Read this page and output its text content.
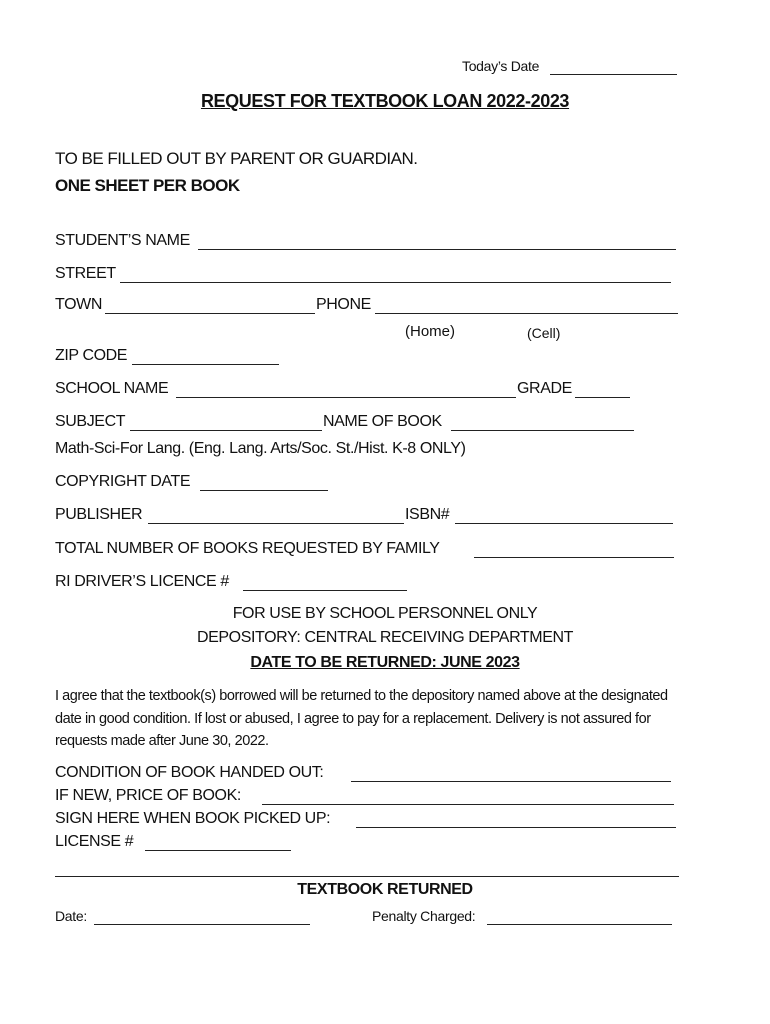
Today’s Date
REQUEST FOR TEXTBOOK LOAN 2022-2023
TO BE FILLED OUT BY PARENT OR GUARDIAN.
ONE SHEET PER BOOK
STUDENT’S NAME
STREET
TOWN	PHONE
(Home)	(Cell)
ZIP CODE
SCHOOL NAME	GRADE
SUBJECT	NAME OF BOOK
Math-Sci-For Lang. (Eng. Lang. Arts/Soc. St./Hist. K-8 ONLY)
COPYRIGHT DATE
PUBLISHER	ISBN#
TOTAL NUMBER OF BOOKS REQUESTED BY FAMILY
RI DRIVER’S LICENCE #
FOR USE BY SCHOOL PERSONNEL ONLY
DEPOSITORY: CENTRAL RECEIVING DEPARTMENT
DATE TO BE RETURNED: JUNE 2023
I agree that the textbook(s) borrowed will be returned to the depository named above at the designated date in good condition. If lost or abused, I agree to pay for a replacement. Delivery is not assured for requests made after June 30, 2022.
CONDITION OF BOOK HANDED OUT:
IF NEW, PRICE OF BOOK:
SIGN HERE WHEN BOOK PICKED UP:
LICENSE #
TEXTBOOK RETURNED
Date:	Penalty Charged:
